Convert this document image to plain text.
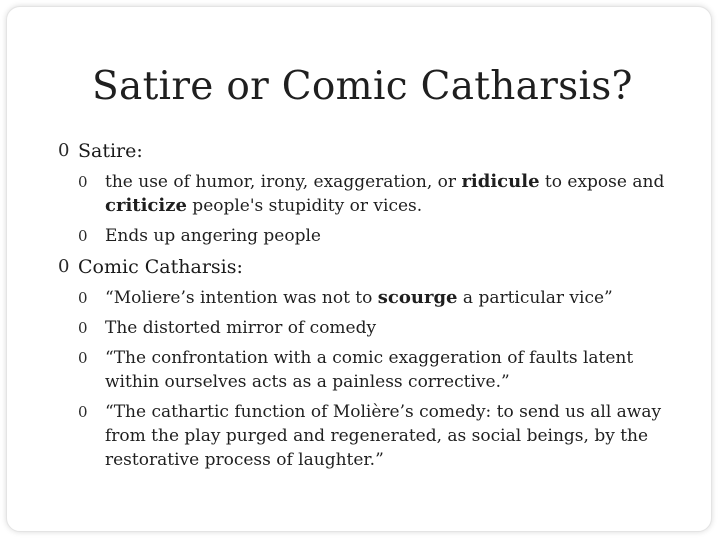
Satire or Comic Catharsis?
0 Satire:
0 the use of humor, irony, exaggeration, or ridicule to expose and criticize people's stupidity or vices.
0 Ends up angering people
0 Comic Catharsis:
0 “Moliere’s intention was not to scourge a particular vice”
0 The distorted mirror of comedy
0 “The confrontation with a comic exaggeration of faults latent within ourselves acts as a painless corrective.”
0 “The cathartic function of Molière’s comedy: to send us all away from the play purged and regenerated, as social beings, by the restorative process of laughter.”
